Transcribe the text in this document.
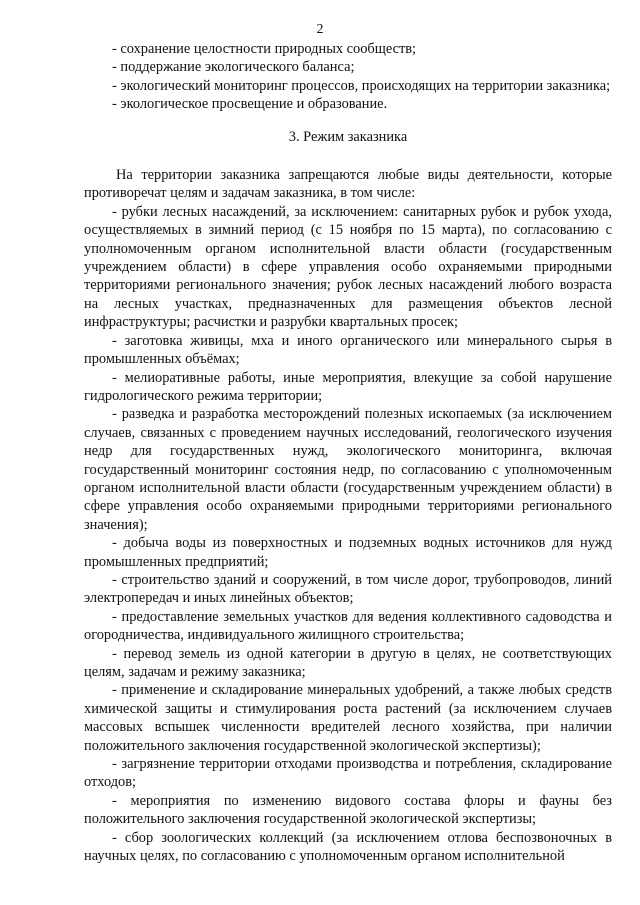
2

- сохранение целостности природных сообществ;

- поддержание экологического баланса;

- экологический мониторинг процессов, происходящих на территории заказника;

- экологическое просвещение и образование.

3. Режим заказника

На территории заказника запрещаются любые виды деятельности, которые противоречат целям и задачам заказника, в том числе:

- рубки лесных насаждений, за исключением: санитарных рубок и рубок ухода, осуществляемых в зимний период (с 15 ноября по 15 марта), по согласованию с уполномоченным органом исполнительной власти области (государственным учреждением области) в сфере управления особо охраняемыми природными территориями регионального значения; рубок лесных насаждений любого возраста на лесных участках, предназначенных для размещения объектов лесной инфраструктуры; расчистки и разрубки квартальных просек;

- заготовка живицы, мха и иного органического или минерального сырья в промышленных объёмах;

- мелиоративные работы, иные мероприятия, влекущие за собой нарушение гидрологического режима территории;

- разведка и разработка месторождений полезных ископаемых (за исключением случаев, связанных с проведением научных исследований, геологического изучения недр для государственных нужд, экологического мониторинга, включая государственный мониторинг состояния недр, по согласованию с уполномоченным органом исполнительной власти области (государственным учреждением области) в сфере управления особо охраняемыми природными территориями регионального значения);

- добыча воды из поверхностных и подземных водных источников для нужд промышленных предприятий;

- строительство зданий и сооружений, в том числе дорог, трубопроводов, линий электропередач и иных линейных объектов;

- предоставление земельных участков для ведения коллективного садоводства и огородничества, индивидуального жилищного строительства;

- перевод земель из одной категории в другую в целях, не соответствующих целям, задачам и режиму заказника;

- применение и складирование минеральных удобрений, а также любых средств химической защиты и стимулирования роста растений (за исключением случаев массовых вспышек численности вредителей лесного хозяйства, при наличии положительного заключения государственной экологической экспертизы);

- загрязнение территории отходами производства и потребления, складирование отходов;

- мероприятия по изменению видового состава флоры и фауны без положительного заключения государственной экологической экспертизы;

- сбор зоологических коллекций (за исключением отлова беспозвоночных в научных целях, по согласованию с уполномоченным органом исполнительной
